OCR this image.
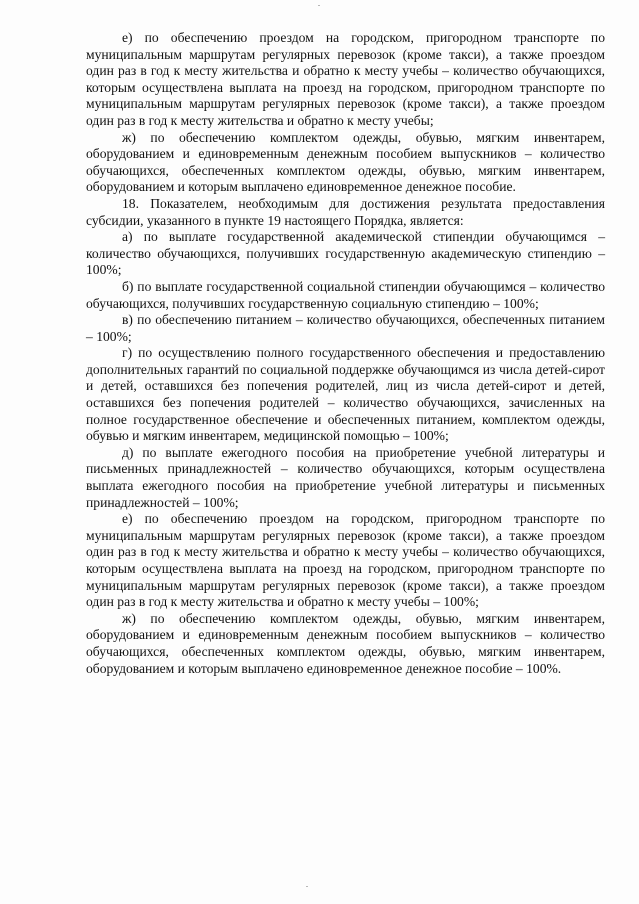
е) по обеспечению проездом на городском, пригородном транспорте по муниципальным маршрутам регулярных перевозок (кроме такси), а также проездом один раз в год к месту жительства и обратно к месту учебы – количество обучающихся, которым осуществлена выплата на проезд на городском, пригородном транспорте по муниципальным маршрутам регулярных перевозок (кроме такси), а также проездом один раз в год к месту жительства и обратно к месту учебы;

ж) по обеспечению комплектом одежды, обувью, мягким инвентарем, оборудованием и единовременным денежным пособием выпускников – количество обучающихся, обеспеченных комплектом одежды, обувью, мягким инвентарем, оборудованием и которым выплачено единовременное денежное пособие.

18. Показателем, необходимым для достижения результата предоставления субсидии, указанного в пункте 19 настоящего Порядка, является:

а) по выплате государственной академической стипендии обучающимся – количество обучающихся, получивших государственную академическую стипендию – 100%;

б) по выплате государственной социальной стипендии обучающимся – количество обучающихся, получивших государственную социальную стипендию – 100%;

в) по обеспечению питанием – количество обучающихся, обеспеченных питанием – 100%;

г) по осуществлению полного государственного обеспечения и предоставлению дополнительных гарантий по социальной поддержке обучающимся из числа детей-сирот и детей, оставшихся без попечения родителей, лиц из числа детей-сирот и детей, оставшихся без попечения родителей – количество обучающихся, зачисленных на полное государственное обеспечение и обеспеченных питанием, комплектом одежды, обувью и мягким инвентарем, медицинской помощью – 100%;

д) по выплате ежегодного пособия на приобретение учебной литературы и письменных принадлежностей – количество обучающихся, которым осуществлена выплата ежегодного пособия на приобретение учебной литературы и письменных принадлежностей – 100%;

е) по обеспечению проездом на городском, пригородном транспорте по муниципальным маршрутам регулярных перевозок (кроме такси), а также проездом один раз в год к месту жительства и обратно к месту учебы – количество обучающихся, которым осуществлена выплата на проезд на городском, пригородном транспорте по муниципальным маршрутам регулярных перевозок (кроме такси), а также проездом один раз в год к месту жительства и обратно к месту учебы – 100%;

ж) по обеспечению комплектом одежды, обувью, мягким инвентарем, оборудованием и единовременным денежным пособием выпускников – количество обучающихся, обеспеченных комплектом одежды, обувью, мягким инвентарем, оборудованием и которым выплачено единовременное денежное пособие – 100%.
